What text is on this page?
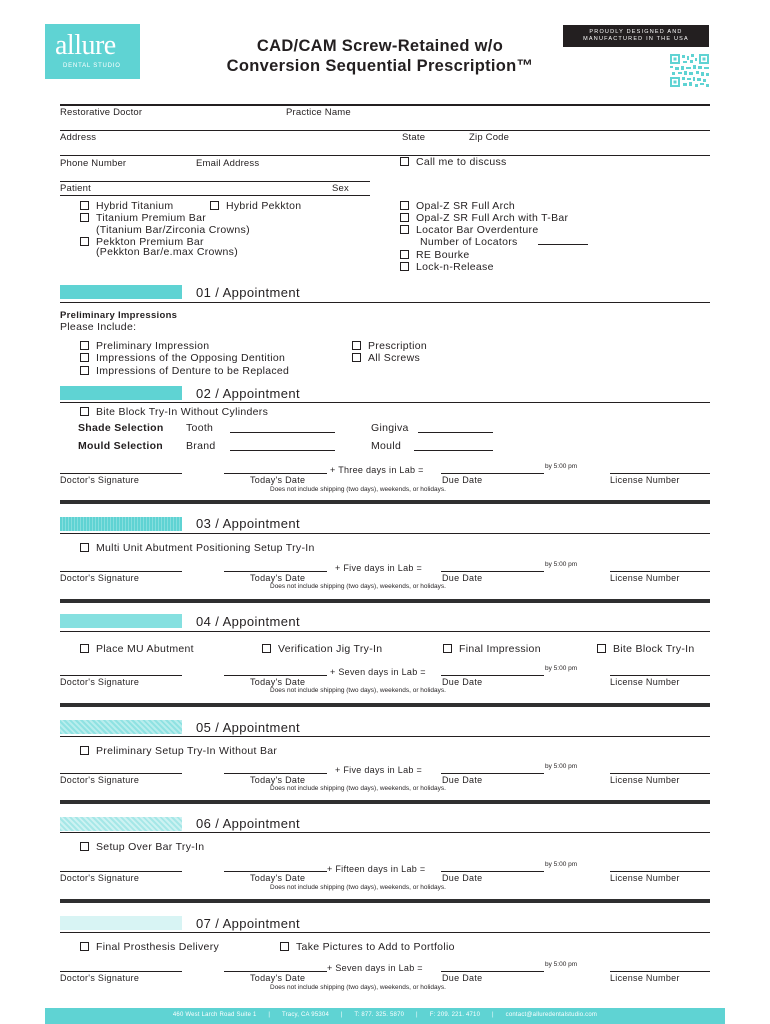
allure
DENTAL STUDIO
CAD/CAM Screw-Retained w/o
Conversion Sequential Prescription™
PROUDLY DESIGNED AND
MANUFACTURED IN THE USA
Restorative Doctor	Practice Name
Address	State	Zip Code
Phone Number	Email Address	Call me to discuss
Patient	Sex
Hybrid Titanium	Hybrid Pekkton
Titanium Premium Bar
(Titanium Bar/Zirconia Crowns)
Pekkton Premium Bar
(Pekkton Bar/e.max Crowns)
Opal-Z SR Full Arch
Opal-Z SR Full Arch with T-Bar
Locator Bar Overdenture
Number of Locators
RE Bourke
Lock-n-Release
01 / Appointment
Preliminary Impressions
Please Include:
Preliminary Impression
Impressions of the Opposing Dentition
Impressions of Denture to be Replaced
Prescription
All Screws
02 / Appointment
Bite Block Try-In Without Cylinders
Shade Selection Tooth	Gingiva
Mould Selection Brand	Mould
+ Three days in Lab =	by 5:00 pm
Doctor's Signature	Today's Date	Due Date	License Number
Does not include shipping (two days), weekends, or holidays.
03 / Appointment
Multi Unit Abutment Positioning Setup Try-In
+ Five days in Lab =	by 5:00 pm
Doctor's Signature	Today's Date	Due Date	License Number
Does not include shipping (two days), weekends, or holidays.
04 / Appointment
Place MU Abutment	Verification Jig Try-In	Final Impression	Bite Block Try-In
+ Seven days in Lab =	by 5:00 pm
Doctor's Signature	Today's Date	Due Date	License Number
Does not include shipping (two days), weekends, or holidays.
05 / Appointment
Preliminary Setup Try-In Without Bar
+ Five days in Lab =	by 5:00 pm
Doctor's Signature	Today's Date	Due Date	License Number
Does not include shipping (two days), weekends, or holidays.
06 / Appointment
Setup Over Bar Try-In
+ Fifteen days in Lab =	by 5:00 pm
Doctor's Signature	Today's Date	Due Date	License Number
Does not include shipping (two days), weekends, or holidays.
07 / Appointment
Final Prosthesis Delivery	Take Pictures to Add to Portfolio
+ Seven days in Lab =	by 5:00 pm
Doctor's Signature	Today's Date	Due Date	License Number
Does not include shipping (two days), weekends, or holidays.
460 West Larch Road Suite 1 | Tracy, CA 95304 | T: 877. 325. 5870 | F: 209. 221. 4710 | contact@alluredentalstudio.com
